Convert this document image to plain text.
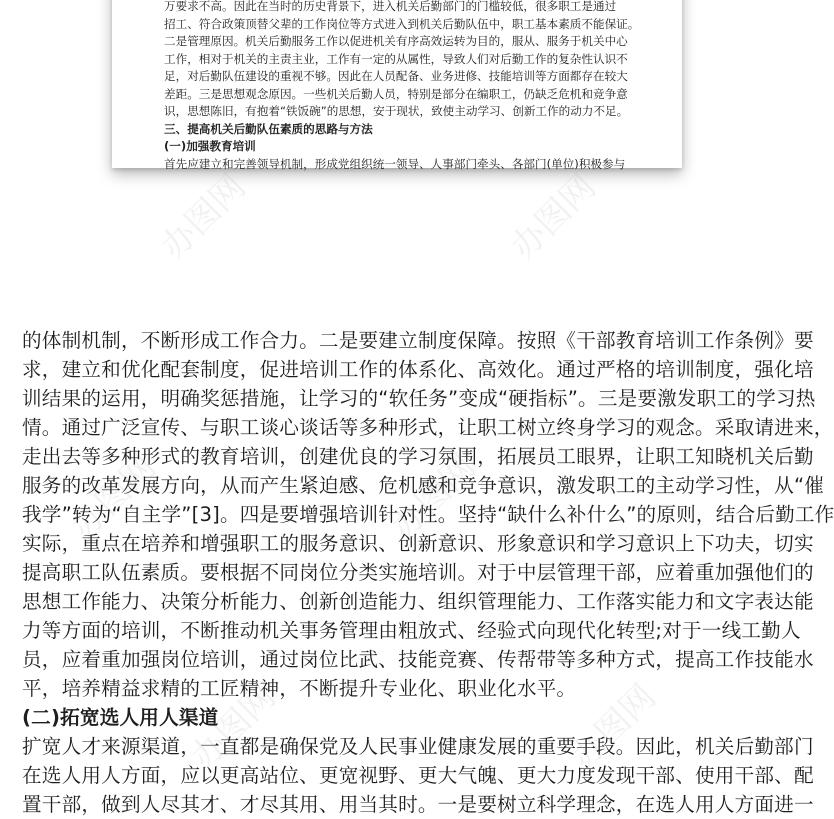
万要求不高。因此在当时的历史背景下，进入机关后勤部门的门槛较低，很多职工是通过
招工、符合政策顶替父辈的工作岗位等方式进入到机关后勤队伍中，职工基本素质不能保证。
二是管理原因。机关后勤服务工作以促进机关有序高效运转为目的，服从、服务于机关中心
工作，相对于机关的主责主业，工作有一定的从属性，导致人们对后勤工作的复杂性认识不
足，对后勤队伍建设的重视不够。因此在人员配备、业务进修、技能培训等方面都存在较大
差距。三是思想观念原因。一些机关后勤人员，特别是部分在编职工，仍缺乏危机和竞争意
识，思想陈旧，有抱着“铁饭碗”的思想，安于现状，致使主动学习、创新工作的动力不足。
三、提高机关后勤队伍素质的思路与方法
(一)加强教育培训
首先应建立和完善领导机制，形成党组织统一领导、人事部门牵头、各部门(单位)积极参与
办图网	办图网
办图网	办图网
办图网	办图网
的体制机制，不断形成工作合力。二是要建立制度保障。按照《干部教育培训工作条例》要
求，建立和优化配套制度，促进培训工作的体系化、高效化。通过严格的培训制度，强化培
训结果的运用，明确奖惩措施，让学习的“软任务”变成“硬指标”。三是要激发职工的学习热
情。通过广泛宣传、与职工谈心谈话等多种形式，让职工树立终身学习的观念。采取请进来，
走出去等多种形式的教育培训，创建优良的学习氛围，拓展员工眼界，让职工知晓机关后勤
服务的改革发展方向，从而产生紧迫感、危机感和竞争意识，激发职工的主动学习性，从“催
我学”转为“自主学”[3]。四是要增强培训针对性。坚持“缺什么补什么”的原则，结合后勤工作
实际，重点在培养和增强职工的服务意识、创新意识、形象意识和学习意识上下功夫，切实
提高职工队伍素质。要根据不同岗位分类实施培训。对于中层管理干部，应着重加强他们的
思想工作能力、决策分析能力、创新创造能力、组织管理能力、工作落实能力和文字表达能
力等方面的培训，不断推动机关事务管理由粗放式、经验式向现代化转型;对于一线工勤人
员，应着重加强岗位培训，通过岗位比武、技能竞赛、传帮带等多种方式，提高工作技能水
平，培养精益求精的工匠精神，不断提升专业化、职业化水平。
(二)拓宽选人用人渠道
扩宽人才来源渠道，一直都是确保党及人民事业健康发展的重要手段。因此，机关后勤部门
在选人用人方面，应以更高站位、更宽视野、更大气魄、更大力度发现干部、使用干部、配
置干部，做到人尽其才、才尽其用、用当其时。一是要树立科学理念，在选人用人方面进一
